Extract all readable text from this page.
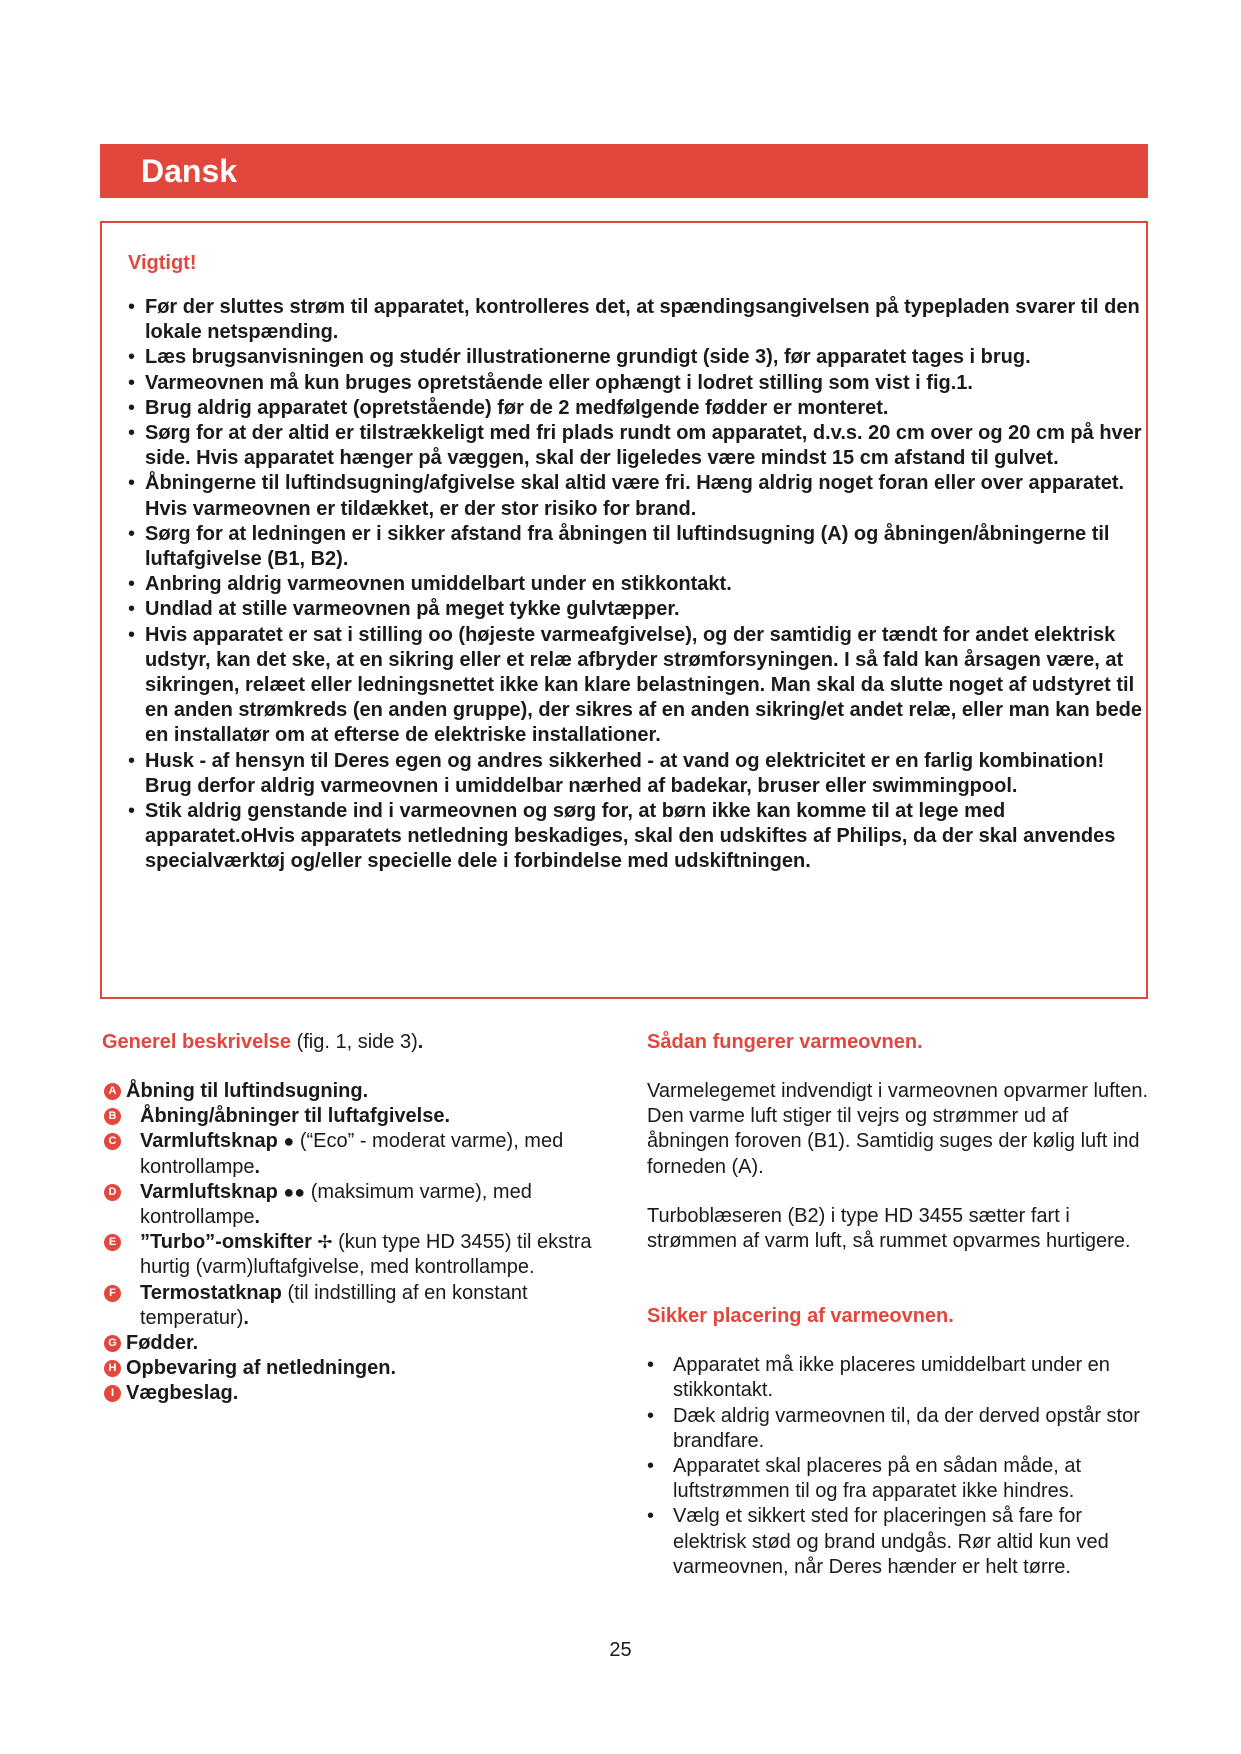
Dansk

Vigtigt!

• Før der sluttes strøm til apparatet, kontrolleres det, at spændingsangivelsen på typepladen svarer til den lokale netspænding.
• Læs brugsanvisningen og studér illustrationerne grundigt (side 3), før apparatet tages i brug.
• Varmeovnen må kun bruges opretstående eller ophængt i lodret stilling som vist i fig.1.
• Brug aldrig apparatet (opretstående) før de 2 medfølgende fødder er monteret.
• Sørg for at der altid er tilstrækkeligt med fri plads rundt om apparatet, d.v.s. 20 cm over og 20 cm på hver side. Hvis apparatet hænger på væggen, skal der ligeledes være mindst 15 cm afstand til gulvet.
• Åbningerne til luftindsugning/afgivelse skal altid være fri. Hæng aldrig noget foran eller over apparatet. Hvis varmeovnen er tildækket, er der stor risiko for brand.
• Sørg for at ledningen er i sikker afstand fra åbningen til luftindsugning (A) og åbningen/åbningerne til luftafgivelse (B1, B2).
• Anbring aldrig varmeovnen umiddelbart under en stikkontakt.
• Undlad at stille varmeovnen på meget tykke gulvtæpper.
• Hvis apparatet er sat i stilling oo (højeste varmeafgivelse), og der samtidig er tændt for andet elektrisk udstyr, kan det ske, at en sikring eller et relæ afbryder strømforsyningen. I så fald kan årsagen være, at sikringen, relæet eller ledningsnettet ikke kan klare belastningen. Man skal da slutte noget af udstyret til en anden strømkreds (en anden gruppe), der sikres af en anden sikring/et andet relæ, eller man kan bede en installatør om at efterse de elektriske installationer.
• Husk - af hensyn til Deres egen og andres sikkerhed - at vand og elektricitet er en farlig kombination! Brug derfor aldrig varmeovnen i umiddelbar nærhed af badekar, bruser eller swimmingpool.
• Stik aldrig genstande ind i varmeovnen og sørg for, at børn ikke kan komme til at lege med apparatet.oHvis apparatets netledning beskadiges, skal den udskiftes af Philips, da der skal anvendes specialværktøj og/eller specielle dele i forbindelse med udskiftningen.

Generel beskrivelse (fig. 1, side 3).

A Åbning til luftindsugning.
B Åbning/åbninger til luftafgivelse.
C Varmluftsknap ● (“Eco” - moderat varme), med kontrollampe.
D Varmluftsknap ●● (maksimum varme), med kontrollampe.
E ”Turbo”-omskifter ✢ (kun type HD 3455) til ekstra hurtig (varm)luftafgivelse, med kontrollampe.
F Termostatknap (til indstilling af en konstant temperatur).
G Fødder.
H Opbevaring af netledningen.
I Vægbeslag.

Sådan fungerer varmeovnen.

Varmelegemet indvendigt i varmeovnen opvarmer luften. Den varme luft stiger til vejrs og strømmer ud af åbningen foroven (B1). Samtidig suges der kølig luft ind forneden (A).

Turboblæseren (B2) i type HD 3455 sætter fart i strømmen af varm luft, så rummet opvarmes hurtigere.

Sikker placering af varmeovnen.

• Apparatet må ikke placeres umiddelbart under en stikkontakt.
• Dæk aldrig varmeovnen til, da der derved opstår stor brandfare.
• Apparatet skal placeres på en sådan måde, at luftstrømmen til og fra apparatet ikke hindres.
• Vælg et sikkert sted for placeringen så fare for elektrisk stød og brand undgås. Rør altid kun ved varmeovnen, når Deres hænder er helt tørre.
25
